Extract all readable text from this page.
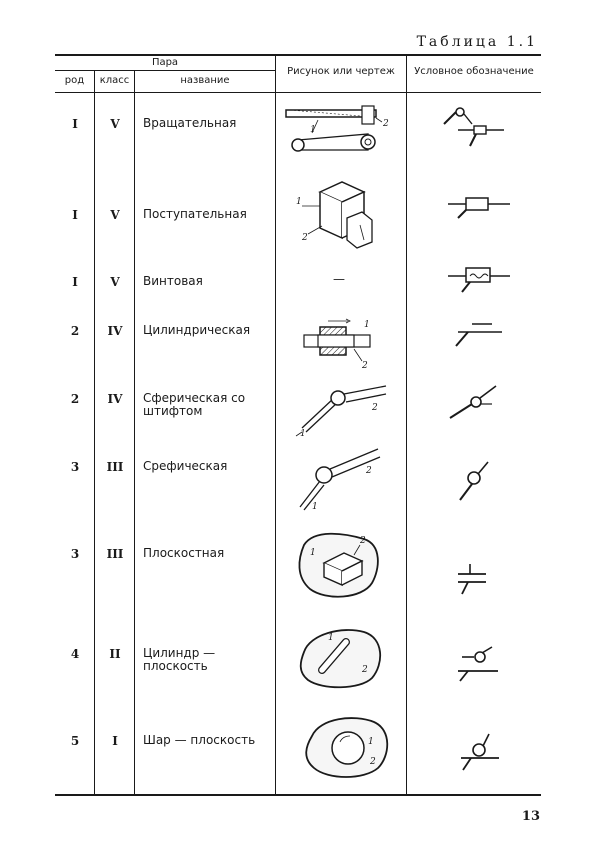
Таблица 1.1
Пара
род	класс	название
Рисунок или чертеж	Условное обозначение
I	V	Вращательная
I	V	Поступательная
I	V	Винтовая	—
2	IV	Цилиндрическая
2	IV	Сферическая со штифтом
3	III	Срефическая
3	III	Плоскостная
4	II	Цилиндр — плоскость
5	I	Шар — плоскость
1
2
1
2
1
2
1
2
1
2
1
2
1
2
1
2
13
